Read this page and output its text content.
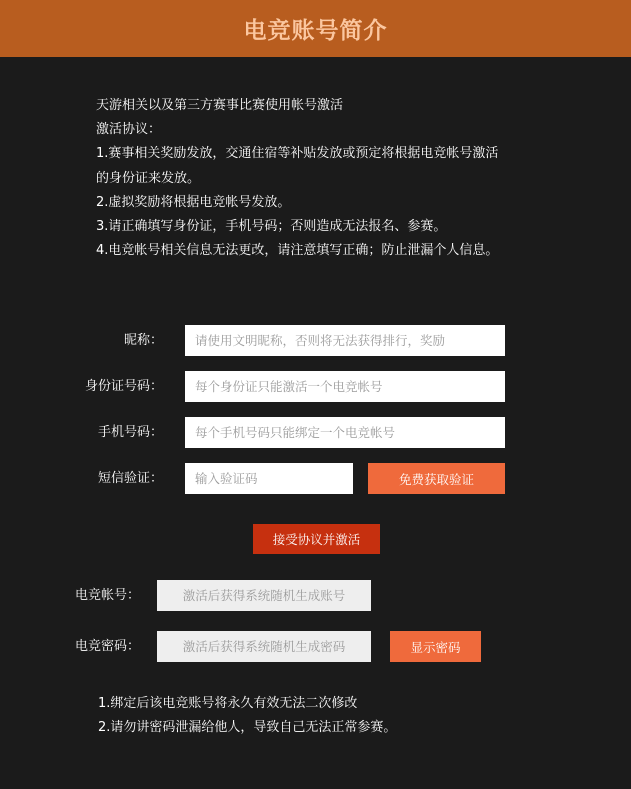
电竞账号简介
天游相关以及第三方赛事比赛使用帐号激活
激活协议：
1.赛事相关奖励发放，交通住宿等补贴发放或预定将根据电竞帐号激活
的身份证来发放。
2.虚拟奖励将根据电竞帐号发放。
3.请正确填写身份证，手机号码；否则造成无法报名、参赛。
4.电竞帐号相关信息无法更改，请注意填写正确；防止泄漏个人信息。
昵称：
请使用文明昵称，否则将无法获得排行，奖励
身份证号码：
每个身份证只能激活一个电竞帐号
手机号码：
每个手机号码只能绑定一个电竞帐号
短信验证：
输入验证码	免费获取验证
接受协议并激活
电竞帐号：
激活后获得系统随机生成账号
电竞密码：
激活后获得系统随机生成密码	显示密码
1.绑定后该电竞账号将永久有效无法二次修改
2.请勿讲密码泄漏给他人，导致自己无法正常参赛。
